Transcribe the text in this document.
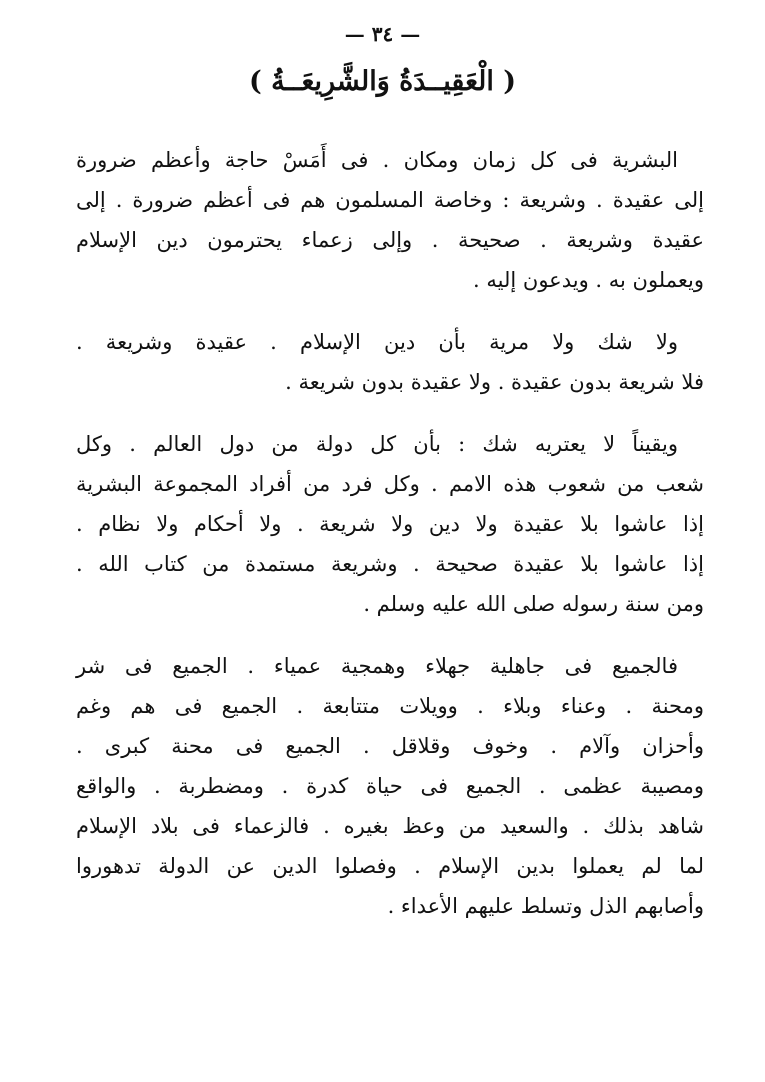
— ٣٤ —
( الْعَقِيــدَةُ وَالشَّرِيعَــةُ )

البشرية فى كل زمان ومكان . فى أَمَسْ حاجة وأعظم ضرورة
إلى عقيدة . وشريعة : وخاصة المسلمون هم فى أعظم ضرورة . إلى
عقيدة وشريعة . صحيحة . وإلى زعماء يحترمون دين الإسلام
ويعملون به . ويدعون إليه .

ولا شك ولا مرية بأن دين الإسلام . عقيدة وشريعة .
فلا شريعة بدون عقيدة . ولا عقيدة بدون شريعة .

ويقيناً لا يعتريه شك : بأن كل دولة من دول العالم . وكل
شعب من شعوب هذه الامم . وكل فرد من أفراد المجموعة البشرية
إذا عاشوا بلا عقيدة ولا دين ولا شريعة . ولا أحكام ولا نظام .
إذا عاشوا بلا عقيدة صحيحة . وشريعة مستمدة من كتاب الله .
ومن سنة رسوله صلى الله عليه وسلم .

فالجميع فى جاهلية جهلاء وهمجية عمياء . الجميع فى شر
ومحنة . وعناء وبلاء . وويلات متتابعة . الجميع فى هم وغم
وأحزان وآلام . وخوف وقلاقل . الجميع فى محنة كبرى .
ومصيبة عظمى . الجميع فى حياة كدرة . ومضطربة . والواقع
شاهد بذلك . والسعيد من وعظ بغيره . فالزعماء فى بلاد الإسلام
لما لم يعملوا بدين الإسلام . وفصلوا الدين عن الدولة تدهوروا
وأصابهم الذل وتسلط عليهم الأعداء .
